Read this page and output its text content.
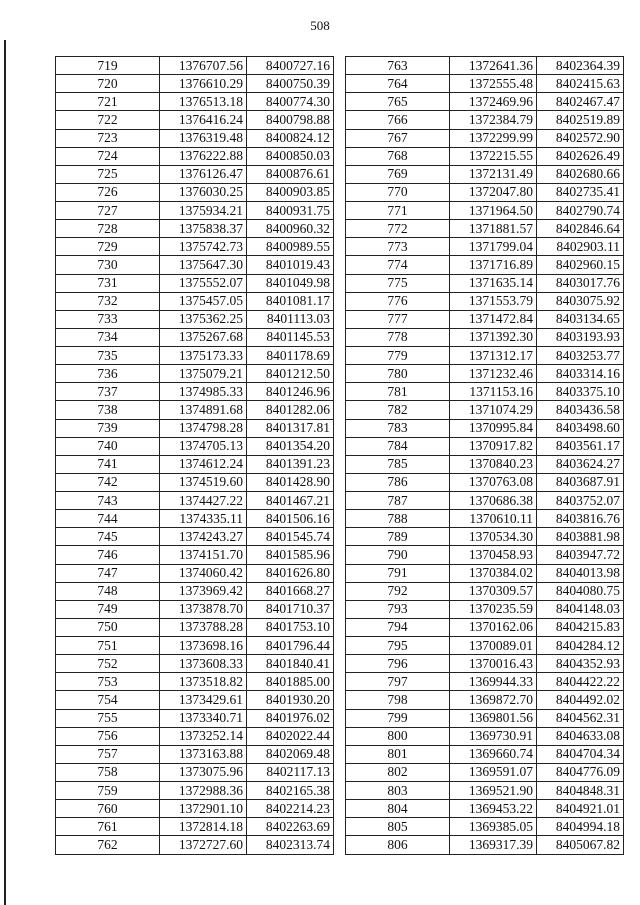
508
719	1376707.56	8400727.16
720	1376610.29	8400750.39
721	1376513.18	8400774.30
722	1376416.24	8400798.88
723	1376319.48	8400824.12
724	1376222.88	8400850.03
725	1376126.47	8400876.61
726	1376030.25	8400903.85
727	1375934.21	8400931.75
728	1375838.37	8400960.32
729	1375742.73	8400989.55
730	1375647.30	8401019.43
731	1375552.07	8401049.98
732	1375457.05	8401081.17
733	1375362.25	8401113.03
734	1375267.68	8401145.53
735	1375173.33	8401178.69
736	1375079.21	8401212.50
737	1374985.33	8401246.96
738	1374891.68	8401282.06
739	1374798.28	8401317.81
740	1374705.13	8401354.20
741	1374612.24	8401391.23
742	1374519.60	8401428.90
743	1374427.22	8401467.21
744	1374335.11	8401506.16
745	1374243.27	8401545.74
746	1374151.70	8401585.96
747	1374060.42	8401626.80
748	1373969.42	8401668.27
749	1373878.70	8401710.37
750	1373788.28	8401753.10
751	1373698.16	8401796.44
752	1373608.33	8401840.41
753	1373518.82	8401885.00
754	1373429.61	8401930.20
755	1373340.71	8401976.02
756	1373252.14	8402022.44
757	1373163.88	8402069.48
758	1373075.96	8402117.13
759	1372988.36	8402165.38
760	1372901.10	8402214.23
761	1372814.18	8402263.69
762	1372727.60	8402313.74
763	1372641.36	8402364.39
764	1372555.48	8402415.63
765	1372469.96	8402467.47
766	1372384.79	8402519.89
767	1372299.99	8402572.90
768	1372215.55	8402626.49
769	1372131.49	8402680.66
770	1372047.80	8402735.41
771	1371964.50	8402790.74
772	1371881.57	8402846.64
773	1371799.04	8402903.11
774	1371716.89	8402960.15
775	1371635.14	8403017.76
776	1371553.79	8403075.92
777	1371472.84	8403134.65
778	1371392.30	8403193.93
779	1371312.17	8403253.77
780	1371232.46	8403314.16
781	1371153.16	8403375.10
782	1371074.29	8403436.58
783	1370995.84	8403498.60
784	1370917.82	8403561.17
785	1370840.23	8403624.27
786	1370763.08	8403687.91
787	1370686.38	8403752.07
788	1370610.11	8403816.76
789	1370534.30	8403881.98
790	1370458.93	8403947.72
791	1370384.02	8404013.98
792	1370309.57	8404080.75
793	1370235.59	8404148.03
794	1370162.06	8404215.83
795	1370089.01	8404284.12
796	1370016.43	8404352.93
797	1369944.33	8404422.22
798	1369872.70	8404492.02
799	1369801.56	8404562.31
800	1369730.91	8404633.08
801	1369660.74	8404704.34
802	1369591.07	8404776.09
803	1369521.90	8404848.31
804	1369453.22	8404921.01
805	1369385.05	8404994.18
806	1369317.39	8405067.82
